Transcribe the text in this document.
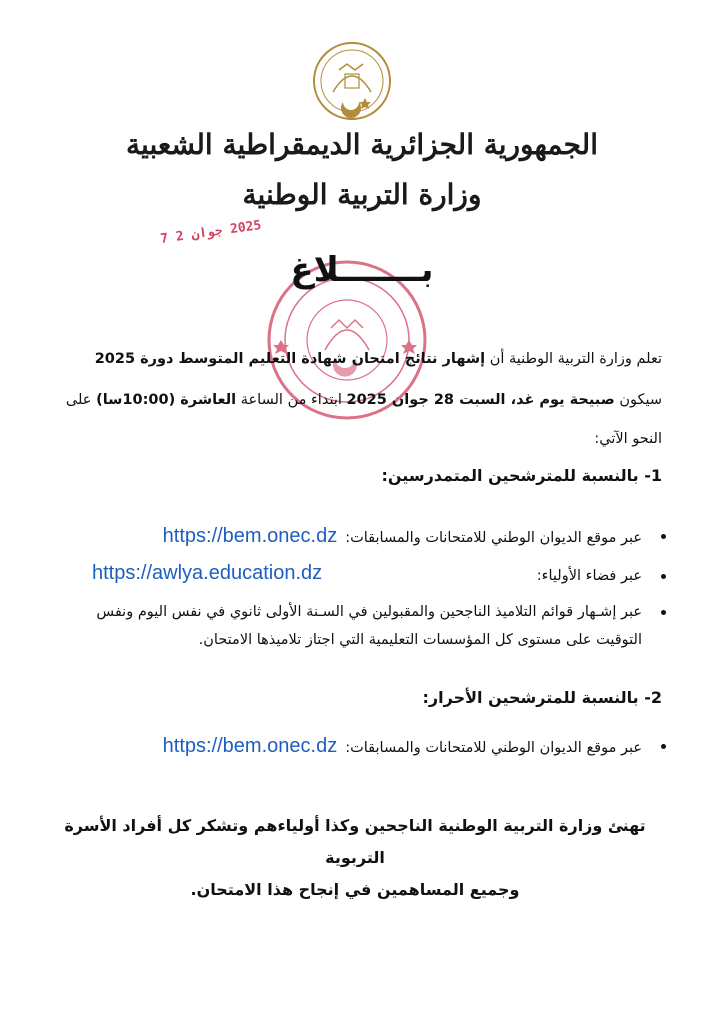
الجمهورية الجزائرية الديمقراطية الشعبية
وزارة التربية الوطنية
2025 جوان 2 7
بـــــــلاغ
تعلم وزارة التربية الوطنية أن إشهار نتائج امتحان شهادة التعليم المتوسط دورة 2025
سيكون صبيحة يوم غد، السبت 28 جوان 2025 ابتداء من الساعة العاشرة (10:00سا) على
النحو الآتي:
1- بالنسبة للمترشحين المتمدرسين:
عبر موقع الديوان الوطني للامتحانات والمسابقات:https://bem.onec.dz
عبر فضاء الأولياء:
https://awlya.education.dz
عبر إشـهار قوائم التلاميذ الناجحين والمقبولين في السـنة الأولى ثانوي في نفس اليوم ونفس التوقيت على مستوى كل المؤسسات التعليمية التي اجتاز تلاميذها الامتحان.
2- بالنسبة للمترشحين الأحرار:
عبر موقع الديوان الوطني للامتحانات والمسابقات:https://bem.onec.dz
تهنئ وزارة التربية الوطنية الناجحين وكذا أولياءهم وتشكر كل أفراد الأسرة التربوية
وجميع المساهمين في إنجاح هذا الامتحان.
